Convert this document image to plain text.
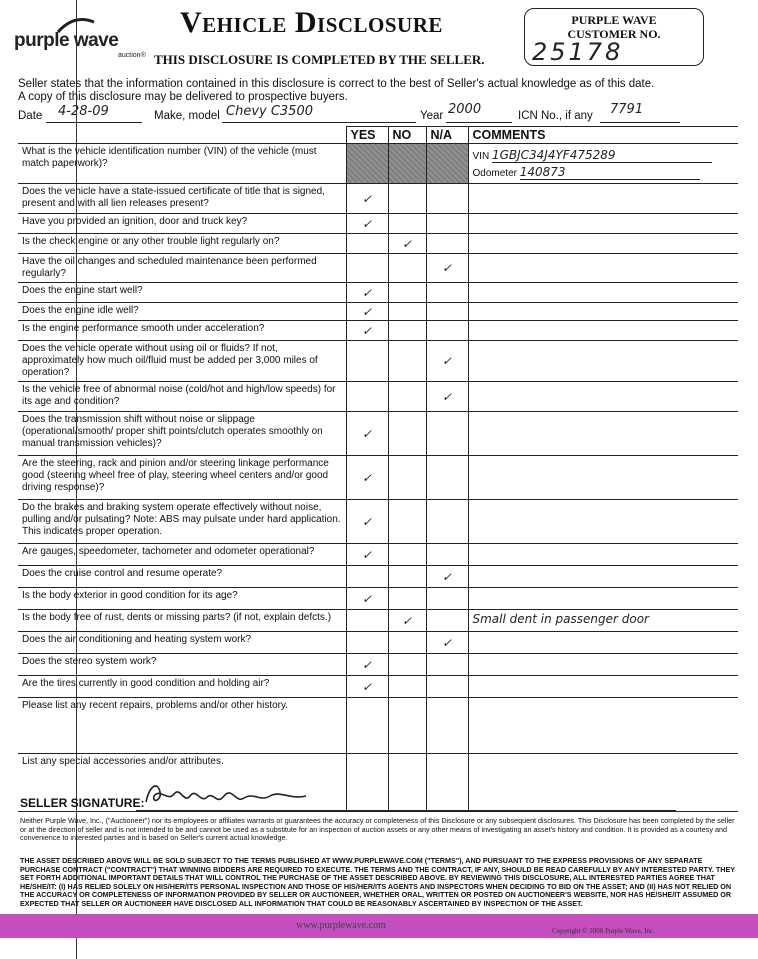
purple wave
auction®
Vehicle Disclosure
THIS DISCLOSURE IS COMPLETED BY THE SELLER.
PURPLE WAVE
CUSTOMER NO.
25178
Seller states that the information contained in this disclosure is correct to the best of Seller's actual knowledge as of this date.
A copy of this disclosure may be delivered to prospective buyers.
Date 4-28-09	Make, model Chevy C3500	Year 2000	ICN No., if any 7791
	YES	NO	N/A	COMMENTS
What is the vehicle identification number (VIN) of the vehicle (must match paperwork)?				VIN 1GBJC34J4YF475289
Odometer 140873

Does the vehicle have a state-issued certificate of title that is signed, present and with all lien releases present?	✓			
Have you provided an ignition, door and truck key?	✓			
Is the check engine or any other trouble light regularly on?		✓		
Have the oil changes and scheduled maintenance been performed regularly?			✓	
Does the engine start well?	✓			
Does the engine idle well?	✓			
Is the engine performance smooth under acceleration?	✓			
Does the vehicle operate without using oil or fluids? If not, approximately how much oil/fluid must be added per 3,000 miles of operation?			✓	
Is the vehicle free of abnormal noise (cold/hot and high/low speeds) for its age and condition?			✓	
Does the transmission shift without noise or slippage (operational/smooth/ proper shift points/clutch operates smoothly on manual transmission vehicles)?	✓			
Are the steering, rack and pinion and/or steering linkage performance good (steering wheel free of play, steering wheel centers and/or good driving response)?	✓			
Do the brakes and braking system operate effectively without noise, pulling and/or pulsating? Note: ABS may pulsate under hard application. This indicates proper operation.	✓			
Are gauges, speedometer, tachometer and odometer operational?	✓			
Does the cruise control and resume operate?			✓	
Is the body exterior in good condition for its age?	✓			
Is the body free of rust, dents or missing parts? (if not, explain defcts.)		✓		Small dent in passenger door
Does the air conditioning and heating system work?			✓	
Does the stereo system work?	✓			
Are the tires currently in good condition and holding air?	✓			
Please list any recent repairs, problems and/or other history.				
List any special accessories and/or attributes.				
SELLER SIGNATURE:
Neither Purple Wave, Inc., ("Auctioneer") nor its employees or affiliates warrants or guarantees the accuracy or completeness of this Disclosure or any subsequent disclosures. This Disclosure has been completed by the seller or at the direction of seller and is not intended to be and cannot be used as a substitute for an inspection of auction assets or any other means of investigating an asset's history and condition. It is provided as a courtesy and convenience to interested parties and is based on Seller's current actual knowledge.
THE ASSET DESCRIBED ABOVE WILL BE SOLD SUBJECT TO THE TERMS PUBLISHED AT WWW.PURPLEWAVE.COM ("TERMS"), AND PURSUANT TO THE EXPRESS PROVISIONS OF ANY SEPARATE PURCHASE CONTRACT ("CONTRACT") THAT WINNING BIDDERS ARE REQUIRED TO EXECUTE. THE TERMS AND THE CONTRACT, IF ANY, SHOULD BE READ CAREFULLY BY ANY INTERESTED PARTY. THEY SET FORTH ADDITIONAL IMPORTANT DETAILS THAT WILL CONTROL THE PURCHASE OF THE ASSET DESCRIBED ABOVE. BY REVIEWING THIS DISCLOSURE, ALL INTERESTED PARTIES AGREE THAT HE/SHE/IT: (I) HAS RELIED SOLELY ON HIS/HER/ITS PERSONAL INSPECTION AND THOSE OF HIS/HER/ITS AGENTS AND INSPECTORS WHEN DECIDING TO BID ON THE ASSET; AND (II) HAS NOT RELIED ON THE ACCURACY OR COMPLETENESS OF INFORMATION PROVIDED BY SELLER OR AUCTIONEER, WHETHER ORAL, WRITTEN OR POSTED ON AUCTIONEER'S WEBSITE, NOR HAS HE/SHE/IT ASSUMED OR EXPECTED THAT SELLER OR AUCTIONEER HAVE DISCLOSED ALL INFORMATION THAT COULD BE REASONABLY ASCERTAINED BY INSPECTION OF THE ASSET.
www.purplewave.com	Copyright © 2008 Purple Wave, Inc.
